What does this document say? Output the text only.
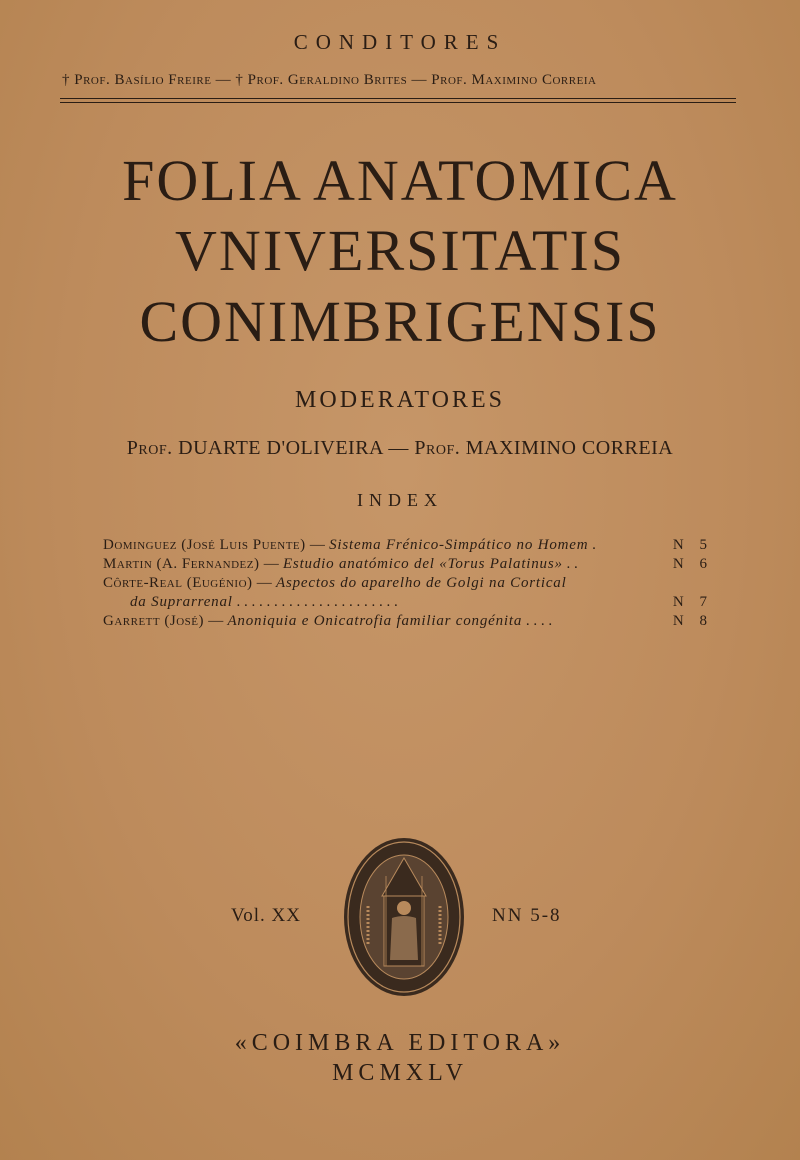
CONDITORES
† Prof. Basílio Freire — † Prof. Geraldino Brites — Prof. Maximino Correia
FOLIA ANATOMICA
VNIVERSITATIS
CONIMBRIGENSIS
MODERATORES
Prof. DUARTE D'OLIVEIRA — Prof. MAXIMINO CORREIA
INDEX
Dominguez (José Luis Puente) — Sistema Frénico-Simpático no Homem .	N 5
Martin (A. Fernandez) — Estudio anatómico del «Torus Palatinus» . .	N 6
Côrte-Real (Eugénio) — Aspectos do aparelho de Golgi na Cortical
da Suprarrenal . . . . . . . . . . . . . . . . . . . . . .	N 7
Garrett (José) — Anoniquia e Onicatrofia familiar congénita . . . .	N 8
Vol. XX	NN 5-8
«COIMBRA EDITORA»
MCMXLV
